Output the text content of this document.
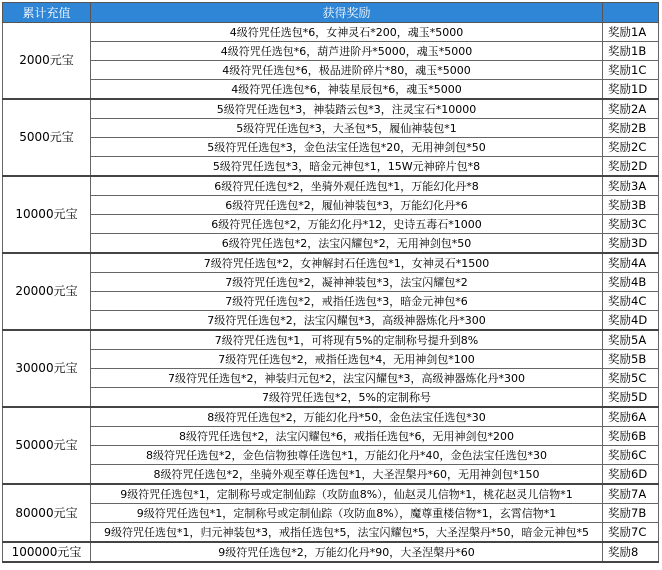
累计充值	获得奖励	
2000元宝	4级符咒任选包*6，女神灵石*200，魂玉*5000	奖励1A
	4级符咒任选包*6，葫芦进阶丹*5000，魂玉*5000	奖励1B
	4级符咒任选包*6，极品进阶碎片*80，魂玉*5000	奖励1C
	4级符咒任选包*6，神装星辰包*6，魂玉*5000	奖励1D
5000元宝	5级符咒任选包*3，神装踏云包*3，注灵宝石*10000	奖励2A
	5级符咒任选包*3，大圣包*5，履仙神装包*1	奖励2B
	5级符咒任选包*3，金色法宝任选包*20，无用神剑包*50	奖励2C
	5级符咒任选包*3，暗金元神包*1，15W元神碎片包*8	奖励2D
10000元宝	6级符咒任选包*2，坐骑外观任选包*1，万能幻化丹*8	奖励3A
	6级符咒任选包*2，履仙神装包*3，万能幻化丹*6	奖励3B
	6级符咒任选包*2，万能幻化丹*12，史诗五毒石*1000	奖励3C
	6级符咒任选包*2，法宝闪耀包*2，无用神剑包*50	奖励3D
20000元宝	7级符咒任选包*2，女神解封石任选包*1，女神灵石*1500	奖励4A
	7级符咒任选包*2，凝神神装包*3，法宝闪耀包*2	奖励4B
	7级符咒任选包*2，戒指任选包*3，暗金元神包*6	奖励4C
	7级符咒任选包*2，法宝闪耀包*3，高级神器炼化丹*300	奖励4D
30000元宝	7级符咒任选包*1，可将现有5%的定制称号提升到8%	奖励5A
	7级符咒任选包*2，戒指任选包*4，无用神剑包*100	奖励5B
	7级符咒任选包*2，神装归元包*2，法宝闪耀包*3，高级神器炼化丹*300	奖励5C
	7级符咒任选包*2，5%的定制称号	奖励5D
50000元宝	8级符咒任选包*2，万能幻化丹*50，金色法宝任选包*30	奖励6A
	8级符咒任选包*2，法宝闪耀包*6，戒指任选包*6，无用神剑包*200	奖励6B
	8级符咒任选包*2，金色信物独尊任选包*1，万能幻化丹*40，金色法宝任选包*30	奖励6C
	8级符咒任选包*2，坐骑外观至尊任选包*1，大圣涅槃丹*60，无用神剑包*150	奖励6D
80000元宝	9级符咒任选包*1，定制称号或定制仙踪（攻防血8%），仙赵灵儿信物*1，桃花赵灵儿信物*1	奖励7A
	9级符咒任选包*1，定制称号或定制仙踪（攻防血8%），魔尊重楼信物*1，玄霄信物*1	奖励7B
	9级符咒任选包*1，归元神装包*3，戒指任选包*5，法宝闪耀包*5，大圣涅槃丹*50，暗金元神包*5	奖励7C
100000元宝	9级符咒任选包*2，万能幻化丹*90，大圣涅槃丹*60	奖励8
